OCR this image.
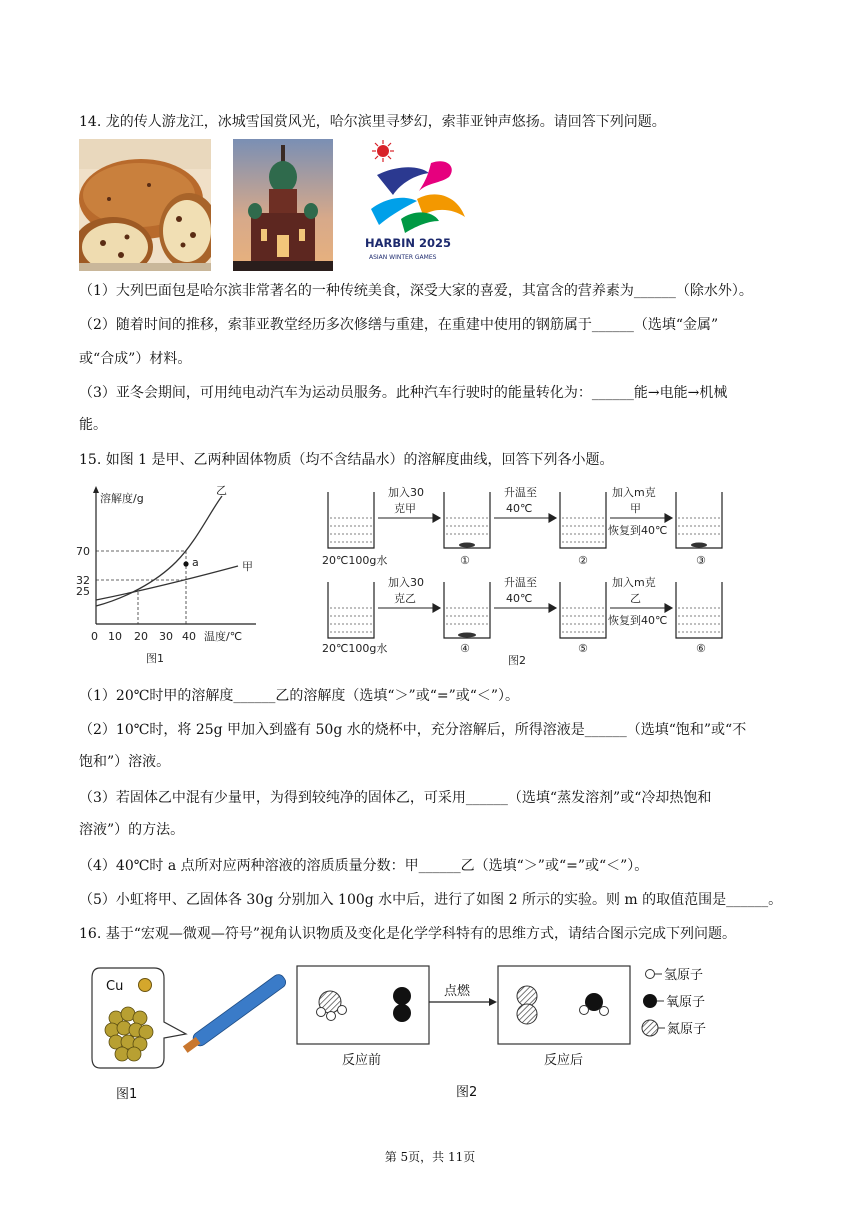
14. 龙的传人游龙江，冰城雪国赏风光，哈尔滨里寻梦幻，索菲亚钟声悠扬。请回答下列问题。
HARBIN 2025
ASIAN WINTER GAMES
（1）大列巴面包是哈尔滨非常著名的一种传统美食，深受大家的喜爱，其富含的营养素为______（除水外）。
（2）随着时间的推移，索菲亚教堂经历多次修缮与重建，在重建中使用的钢筋属于______（选填“金属”
或“合成”）材料。
（3）亚冬会期间，可用纯电动汽车为运动员服务。此种汽车行驶时的能量转化为：______能→电能→机械
能。
15. 如图 1 是甲、乙两种固体物质（均不含结晶水）的溶解度曲线，回答下列各小题。
溶解度/g
70
32
25
0 10 20 30 40 温度/℃
乙
甲
a
图1
加入30
克甲
升温至
40℃
加入m克
甲
恢复到40℃
20℃100g水	①	②	③
加入30
克乙
升温至
40℃
加入m克
乙
恢复到40℃
20℃100g水	④	⑤	⑥
图2
（1）20℃时甲的溶解度______乙的溶解度（选填“＞”或“=”或“＜”）。
（2）10℃时，将 25g 甲加入到盛有 50g 水的烧杯中，充分溶解后，所得溶液是______（选填“饱和”或“不
饱和”）溶液。
（3）若固体乙中混有少量甲，为得到较纯净的固体乙，可采用______（选填“蒸发溶剂”或“冷却热饱和
溶液”）的方法。
（4）40℃时 a 点所对应两种溶液的溶质质量分数：甲______乙（选填“＞”或“=”或“＜”）。
（5）小虹将甲、乙固体各 30g 分别加入 100g 水中后，进行了如图 2 所示的实验。则 m 的取值范围是______。
16. 基于“宏观—微观—符号”视角认识物质及变化是化学学科特有的思维方式，请结合图示完成下列问题。
Cu
图1
点燃
反应前	反应后
氢原子
氧原子
氮原子
图2
第 5页，共 11页
